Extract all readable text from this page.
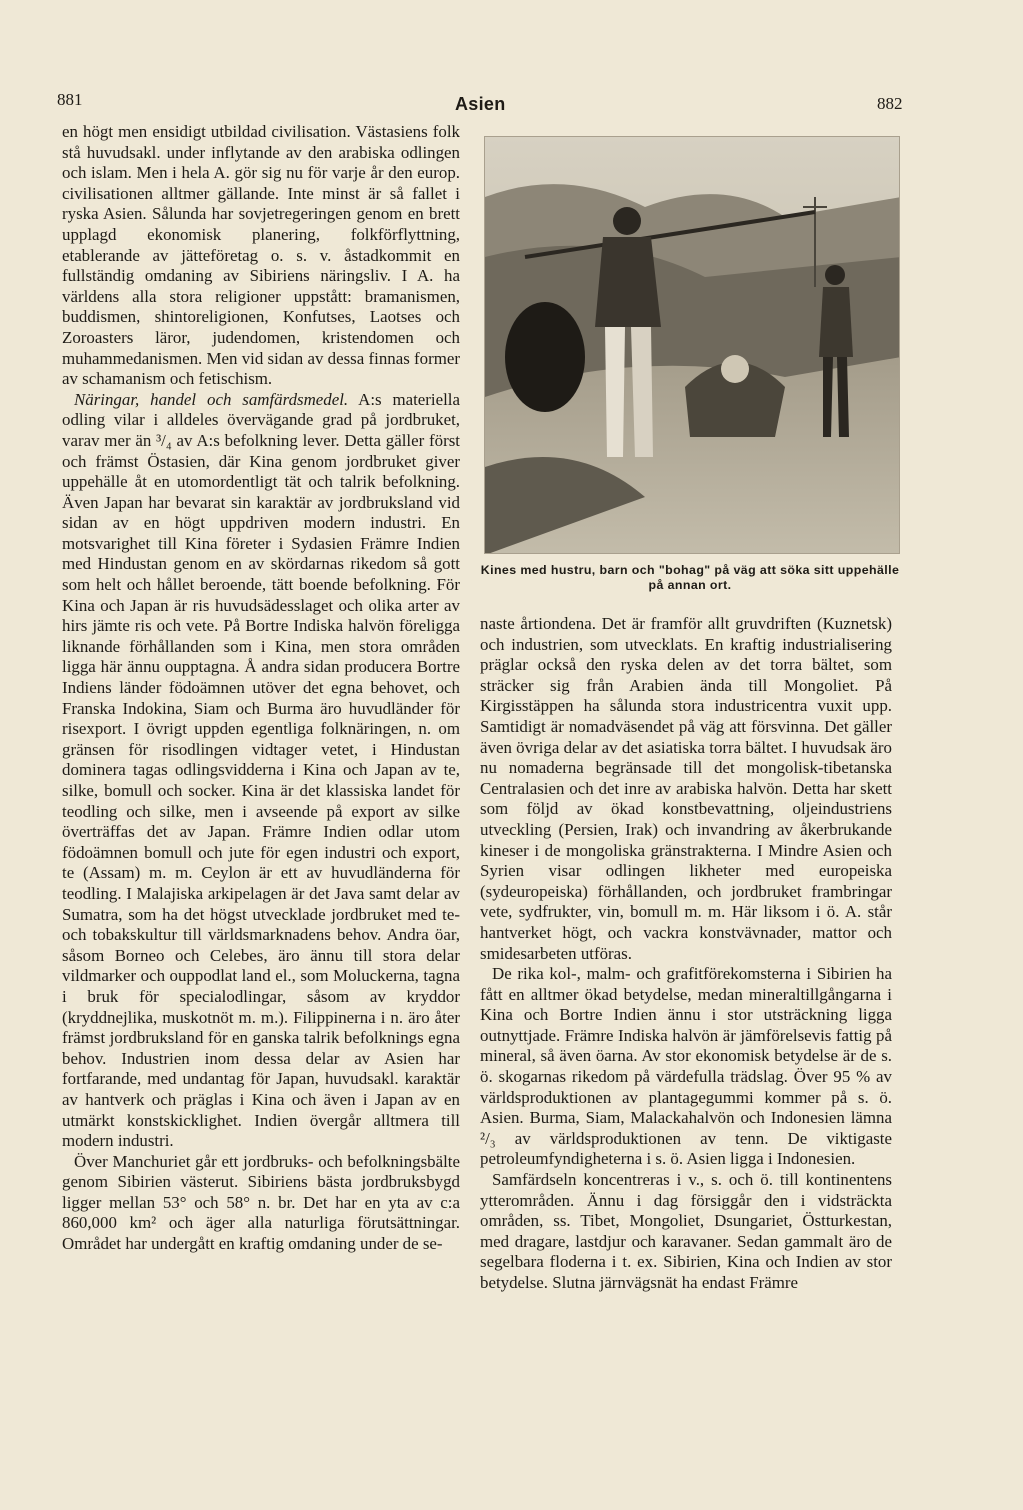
881	Asien	882

en högt men ensidigt utbildad civilisation. Västasiens folk stå huvudsakl. under inflytande av den arabiska odlingen och islam. Men i hela A. gör sig nu för varje år den europ. civilisationen alltmer gällande. Inte minst är så fallet i ryska Asien. Sålunda har sovjetregeringen genom en brett upplagd ekonomisk planering, folkförflyttning, etablerande av jätteföretag o. s. v. åstadkommit en fullständig omdaning av Sibiriens näringsliv. I A. ha världens alla stora religioner uppstått: bramanismen, buddismen, shintoreligionen, Konfutses, Laotses och Zoroasters läror, judendomen, kristendomen och muhammedanismen. Men vid sidan av dessa finnas former av schamanism och fetischism.

Näringar, handel och samfärdsmedel. A:s materiella odling vilar i alldeles övervägande grad på jordbruket, varav mer än ³/₄ av A:s befolkning lever. Detta gäller först och främst Östasien, där Kina genom jordbruket giver uppehälle åt en utomordentligt tät och talrik befolkning. Även Japan har bevarat sin karaktär av jordbruksland vid sidan av en högt uppdriven modern industri. En motsvarighet till Kina företer i Sydasien Främre Indien med Hindustan genom en av skördarnas rikedom så gott som helt och hållet beroende, tätt boende befolkning. För Kina och Japan är ris huvudsädesslaget och olika arter av hirs jämte ris och vete. På Bortre Indiska halvön föreligga liknande förhållanden som i Kina, men stora områden ligga här ännu oupptagna. Å andra sidan producera Bortre Indiens länder födoämnen utöver det egna behovet, och Franska Indokina, Siam och Burma äro huvudländer för risexport. I övrigt uppden egentliga folknäringen, n. om gränsen för risodlingen vidtager vetet, i Hindustan dominera tagas odlingsvidderna i Kina och Japan av te, silke, bomull och socker. Kina är det klassiska landet för teodling och silke, men i avseende på export av silke överträffas det av Japan. Främre Indien odlar utom födoämnen bomull och jute för egen industri och export, te (Assam) m. m. Ceylon är ett av huvudländerna för teodling. I Malajiska arkipelagen är det Java samt delar av Sumatra, som ha det högst utvecklade jordbruket med te- och tobakskultur till världsmarknadens behov. Andra öar, såsom Borneo och Celebes, äro ännu till stora delar vildmarker och ouppodlat land el., som Moluckerna, tagna i bruk för specialodlingar, såsom av kryddor (kryddnejlika, muskotnöt m. m.). Filippinerna i n. äro åter främst jordbruksland för en ganska talrik befolknings egna behov. Industrien inom dessa delar av Asien har fortfarande, med undantag för Japan, huvudsakl. karaktär av hantverk och präglas i Kina och även i Japan av en utmärkt konstskicklighet. Indien övergår alltmera till modern industri.

Över Manchuriet går ett jordbruks- och befolkningsbälte genom Sibirien västerut. Sibiriens bästa jordbruksbygd ligger mellan 53° och 58° n. br. Det har en yta av c:a 860,000 km² och äger alla naturliga förutsättningar. Området har undergått en kraftig omdaning under de se-

Kines med hustru, barn och "bohag" på väg att söka sitt uppehälle på annan ort.

naste årtiondena. Det är framför allt gruvdriften (Kuznetsk) och industrien, som utvecklats. En kraftig industrialisering präglar också den ryska delen av det torra bältet, som sträcker sig från Arabien ända till Mongoliet. På Kirgisstäppen ha sålunda stora industricentra vuxit upp. Samtidigt är nomadväsendet på väg att försvinna. Det gäller även övriga delar av det asiatiska torra bältet. I huvudsak äro nu nomaderna begränsade till det mongolisk-tibetanska Centralasien och det inre av arabiska halvön. Detta har skett som följd av ökad konstbevattning, oljeindustriens utveckling (Persien, Irak) och invandring av åkerbrukande kineser i de mongoliska gränstrakterna. I Mindre Asien och Syrien visar odlingen likheter med europeiska (sydeuropeiska) förhållanden, och jordbruket frambringar vete, sydfrukter, vin, bomull m. m. Här liksom i ö. A. står hantverket högt, och vackra konstvävnader, mattor och smidesarbeten utföras.

De rika kol-, malm- och grafitförekomsterna i Sibirien ha fått en alltmer ökad betydelse, medan mineraltillgångarna i Kina och Bortre Indien ännu i stor utsträckning ligga outnyttjade. Främre Indiska halvön är jämförelsevis fattig på mineral, så även öarna. Av stor ekonomisk betydelse är de s. ö. skogarnas rikedom på värdefulla trädslag. Över 95 % av världsproduktionen av plantagegummi kommer på s. ö. Asien. Burma, Siam, Malackahalvön och Indonesien lämna ²/₃ av världsproduktionen av tenn. De viktigaste petroleumfyndigheterna i s. ö. Asien ligga i Indonesien.

Samfärdseln koncentreras i v., s. och ö. till kontinentens ytterområden. Ännu i dag försiggår den i vidsträckta områden, ss. Tibet, Mongoliet, Dsungariet, Östturkestan, med dragare, lastdjur och karavaner. Sedan gammalt äro de segelbara floderna i t. ex. Sibirien, Kina och Indien av stor betydelse. Slutna järnvägsnät ha endast Främre
